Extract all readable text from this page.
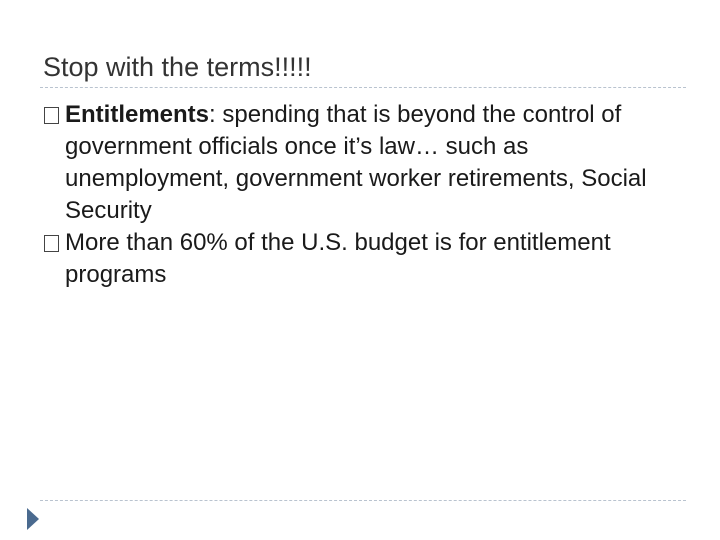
Stop with the terms!!!!!

Entitlements: spending that is beyond the control of government officials once it’s law… such as unemployment, government worker retirements, Social Security

More than 60% of the U.S. budget is for entitlement programs
